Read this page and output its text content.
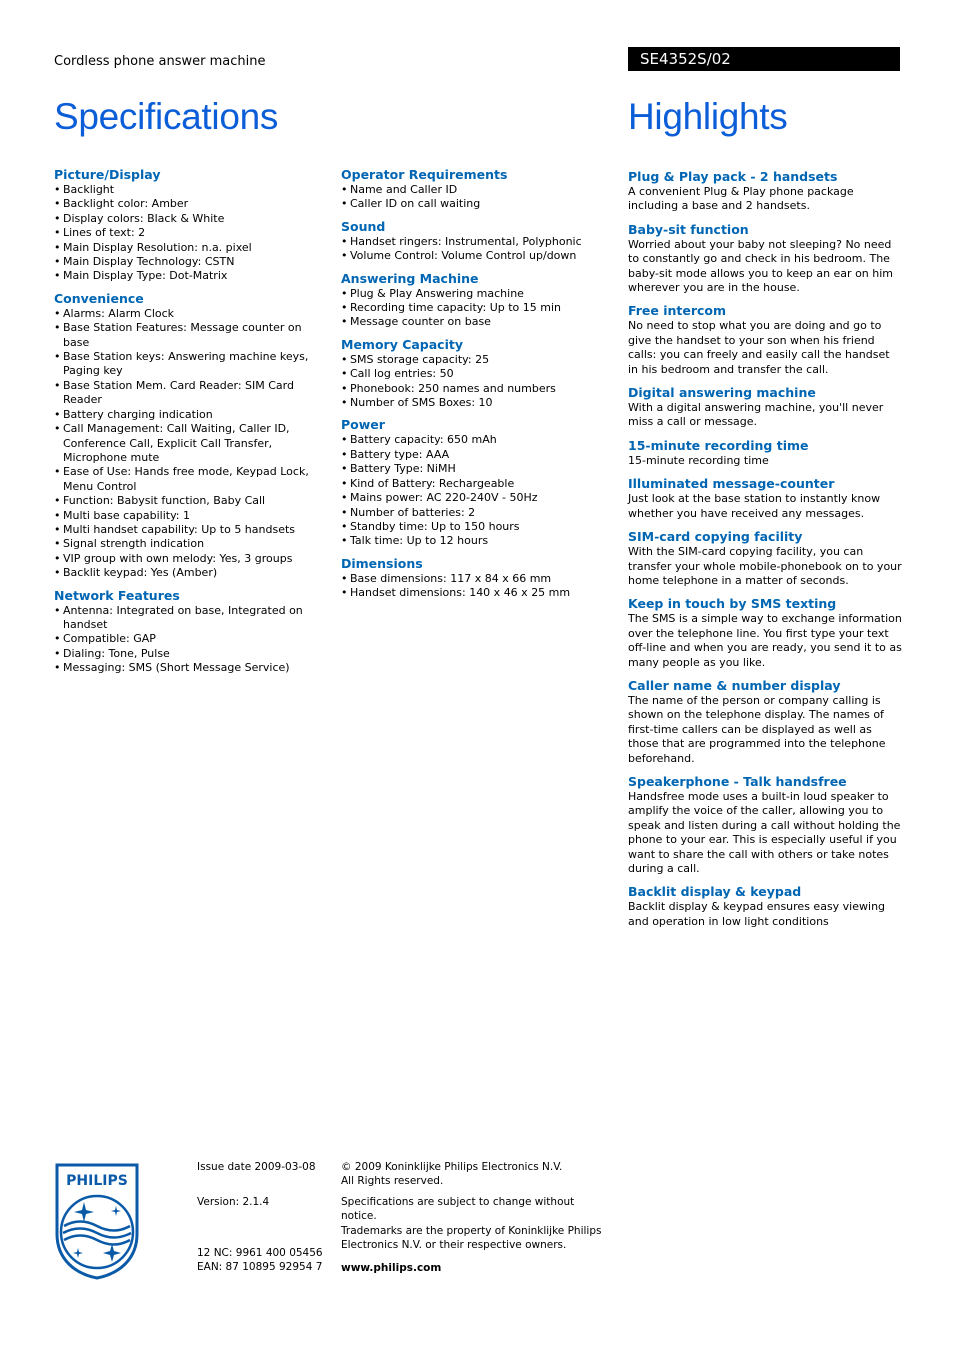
Cordless phone answer machine	SE4352S/02
Specifications	Highlights
Picture/Display
• Backlight
• Backlight color: Amber
• Display colors: Black & White
• Lines of text: 2
• Main Display Resolution: n.a. pixel
• Main Display Technology: CSTN
• Main Display Type: Dot-Matrix
Convenience
• Alarms: Alarm Clock
• Base Station Features: Message counter on base
• Base Station keys: Answering machine keys, Paging key
• Base Station Mem. Card Reader: SIM Card Reader
• Battery charging indication
• Call Management: Call Waiting, Caller ID, Conference Call, Explicit Call Transfer, Microphone mute
• Ease of Use: Hands free mode, Keypad Lock, Menu Control
• Function: Babysit function, Baby Call
• Multi base capability: 1
• Multi handset capability: Up to 5 handsets
• Signal strength indication
• VIP group with own melody: Yes, 3 groups
• Backlit keypad: Yes (Amber)
Network Features
• Antenna: Integrated on base, Integrated on handset
• Compatible: GAP
• Dialing: Tone, Pulse
• Messaging: SMS (Short Message Service)
Operator Requirements
• Name and Caller ID
• Caller ID on call waiting
Sound
• Handset ringers: Instrumental, Polyphonic
• Volume Control: Volume Control up/down
Answering Machine
• Plug & Play Answering machine
• Recording time capacity: Up to 15 min
• Message counter on base
Memory Capacity
• SMS storage capacity: 25
• Call log entries: 50
• Phonebook: 250 names and numbers
• Number of SMS Boxes: 10
Power
• Battery capacity: 650 mAh
• Battery type: AAA
• Battery Type: NiMH
• Kind of Battery: Rechargeable
• Mains power: AC 220-240V - 50Hz
• Number of batteries: 2
• Standby time: Up to 150 hours
• Talk time: Up to 12 hours
Dimensions
• Base dimensions: 117 x 84 x 66 mm
• Handset dimensions: 140 x 46 x 25 mm
Plug & Play pack - 2 handsets
A convenient Plug & Play phone package including a base and 2 handsets.
Baby-sit function
Worried about your baby not sleeping? No need to constantly go and check in his bedroom. The baby-sit mode allows you to keep an ear on him wherever you are in the house.
Free intercom
No need to stop what you are doing and go to give the handset to your son when his friend calls: you can freely and easily call the handset in his bedroom and transfer the call.
Digital answering machine
With a digital answering machine, you'll never miss a call or message.
15-minute recording time
15-minute recording time
Illuminated message-counter
Just look at the base station to instantly know whether you have received any messages.
SIM-card copying facility
With the SIM-card copying facility, you can transfer your whole mobile-phonebook on to your home telephone in a matter of seconds.
Keep in touch by SMS texting
The SMS is a simple way to exchange information over the telephone line. You first type your text off-line and when you are ready, you send it to as many people as you like.
Caller name & number display
The name of the person or company calling is shown on the telephone display. The names of first-time callers can be displayed as well as those that are programmed into the telephone beforehand.
Speakerphone - Talk handsfree
Handsfree mode uses a built-in loud speaker to amplify the voice of the caller, allowing you to speak and listen during a call without holding the phone to your ear. This is especially useful if you want to share the call with others or take notes during a call.
Backlit display & keypad
Backlit display & keypad ensures easy viewing and operation in low light conditions
PHILIPS
Issue date 2009-03-08
Version: 2.1.4
12 NC: 9961 400 05456
EAN: 87 10895 92954 7
© 2009 Koninklijke Philips Electronics N.V.
All Rights reserved.
Specifications are subject to change without notice.
Trademarks are the property of Koninklijke Philips
Electronics N.V. or their respective owners.
www.philips.com
